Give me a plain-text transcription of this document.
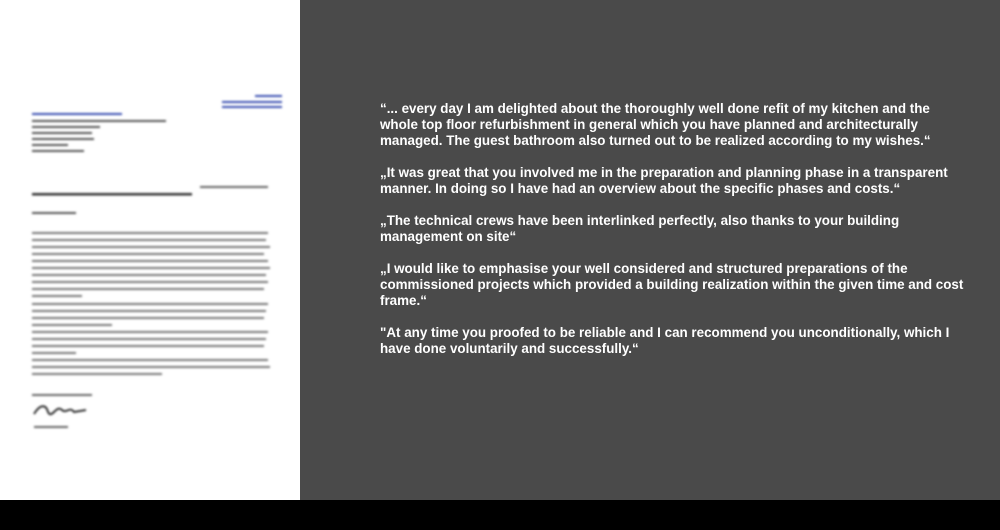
“... every day I am delighted about the thoroughly well done refit of my kitchen and the whole top floor refurbishment in general which you have planned and architecturally managed. The guest bathroom also turned out to be realized according to my wishes.“

„It was great that you involved me in the preparation and planning phase in a transparent manner. In doing so I have had an overview about the specific phases and costs.“

„The technical crews have been interlinked perfectly, also thanks to your building management on site“

„I would like to emphasise your well considered and structured preparations of the commissioned projects which provided a building realization within the given time and cost frame.“

"At any time you proofed to be reliable and I can recommend you unconditionally, which I have done voluntarily and successfully.“
